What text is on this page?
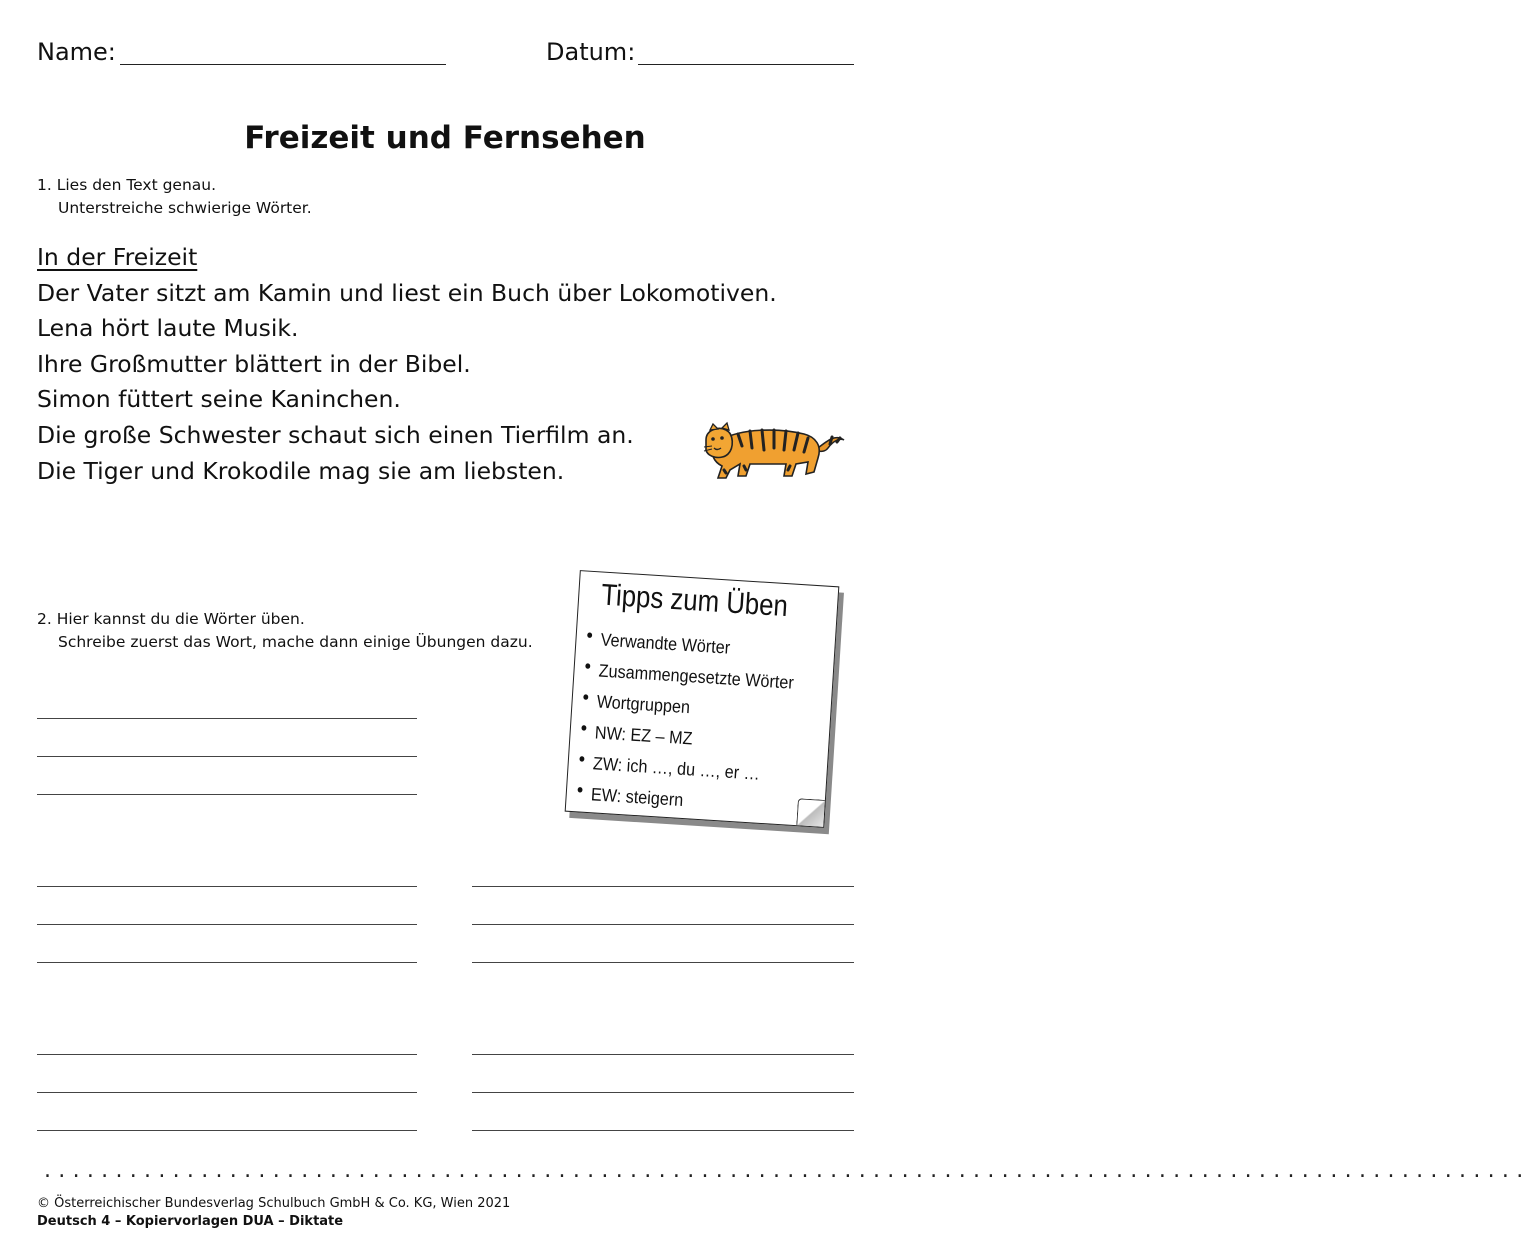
Name:	Datum:
Freizeit und Fernsehen
1. Lies den Text genau.
Unterstreiche schwierige Wörter.
In der Freizeit
Der Vater sitzt am Kamin und liest ein Buch über Lokomotiven.
Lena hört laute Musik.
Ihre Großmutter blättert in der Bibel.
Simon füttert seine Kaninchen.
Die große Schwester schaut sich einen Tierfilm an.
Die Tiger und Krokodile mag sie am liebsten.
2. Hier kannst du die Wörter üben.
Schreibe zuerst das Wort, mache dann einige Übungen dazu.
Tipps zum Üben
• Verwandte Wörter
• Zusammengesetzte Wörter
• Wortgruppen
• NW: EZ – MZ
• ZW: ich …, du …, er …
• EW: steigern
........................................................................................................
© Österreichischer Bundesverlag Schulbuch GmbH & Co. KG, Wien 2021
Deutsch 4 – Kopiervorlagen DUA – Diktate
